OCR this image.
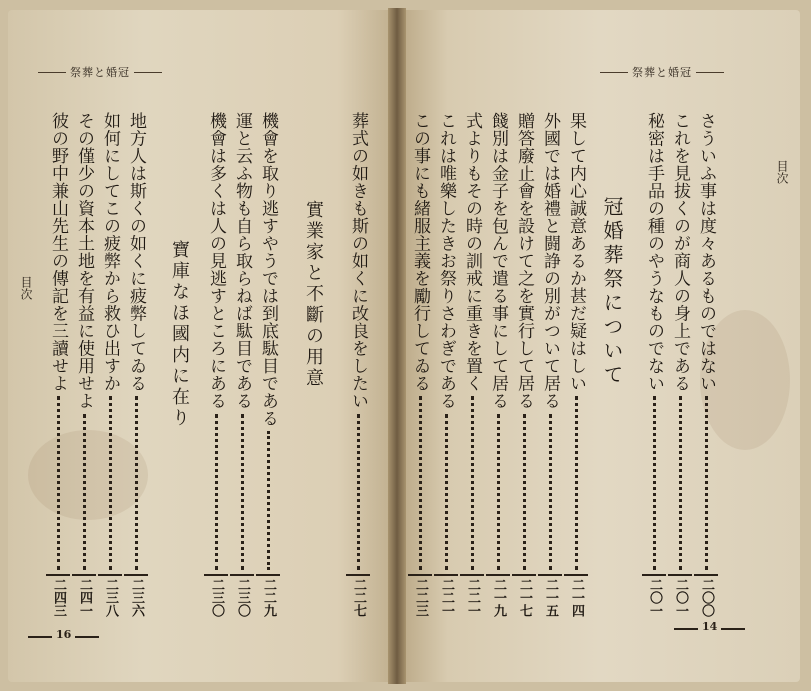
祭葬と婚冠
目次 彼の野中兼山先生の傳記を三讀せよ
二四三
その僅少の資本土地を有益に使用せよ
二四一
如何にしてこの疲弊から救ひ出すか
二三八
地方人は斯くの如くに疲弊してゐる
二三六
寶庫なほ國内に在り 機會は多くは人の見逃すところにある
二三〇
運と云ふ物も自ら取らねば駄目である
二三〇
機會を取り逃すやうでは到底駄目である
二二九
實業家と不斷の用意 葬式の如きも斯の如くに改良をしたい
二二七
16
祭葬と婚冠
目次
この事にも緒服主義を勵行してゐる
二二三
これは唯樂したきお祭りさわぎである
二二一
式よりもその時の訓戒に重きを置く
二二一
餞別は金子を包んで遣る事にして居る
二一九
贈答廢止會を設けて之を實行して居る
二一七
外國では婚禮と闘諍の別がついて居る
二一五
果して内心誠意あるか甚だ疑はしい
二一四
冠婚葬祭について 秘密は手品の種のやうなものでない
二〇一
これを見拔くのが商人の身上である
二〇一
さういふ事は度々あるものではない
二〇〇
14
